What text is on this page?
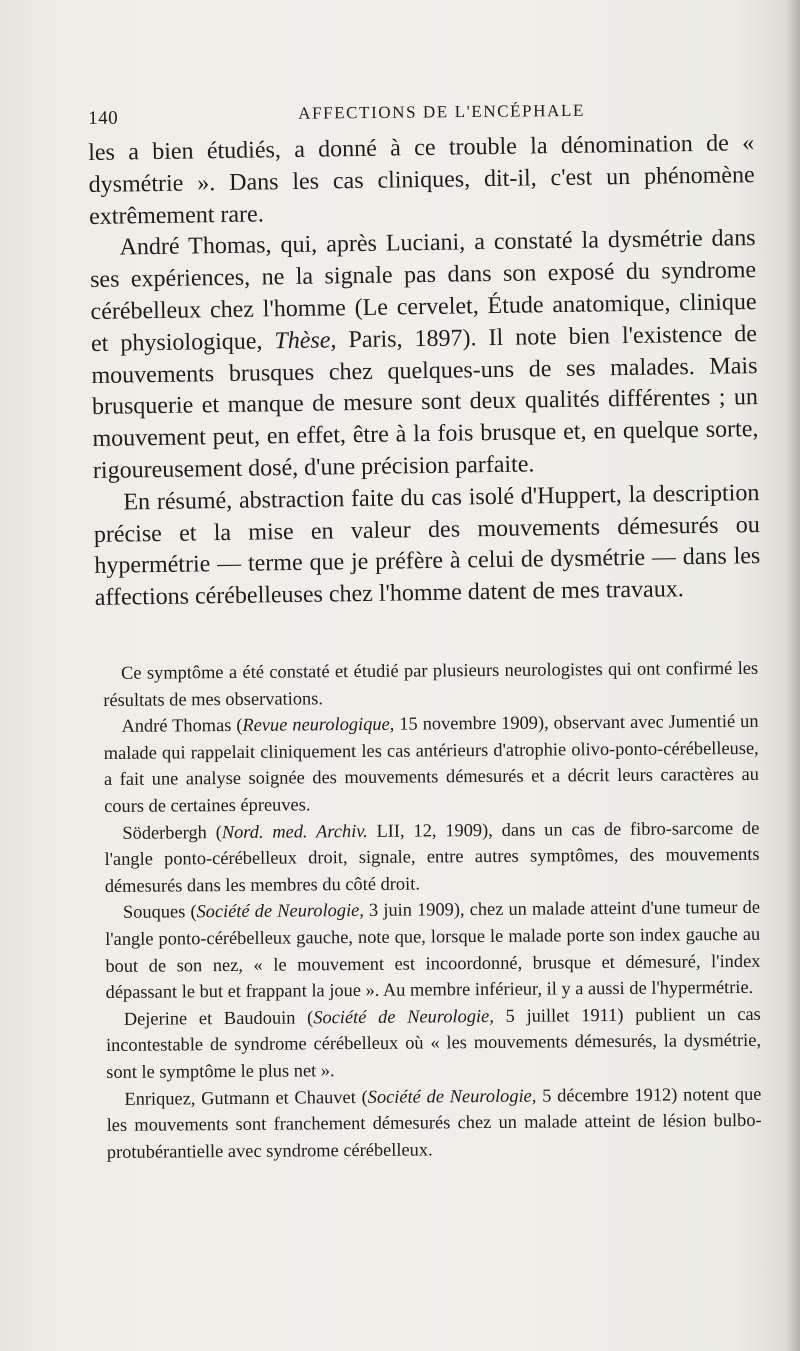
140	AFFECTIONS DE L'ENCÉPHALE

les a bien étudiés, a donné à ce trouble la dénomination de « dysmétrie ». Dans les cas cliniques, dit-il, c'est un phénomène extrêmement rare.

André Thomas, qui, après Luciani, a constaté la dysmétrie dans ses expériences, ne la signale pas dans son exposé du syndrome cérébelleux chez l'homme (Le cervelet, Étude anatomique, clinique et physiologique, Thèse, Paris, 1897). Il note bien l'existence de mouvements brusques chez quelques-uns de ses malades. Mais brusquerie et manque de mesure sont deux qualités différentes ; un mouvement peut, en effet, être à la fois brusque et, en quelque sorte, rigoureusement dosé, d'une précision parfaite.

En résumé, abstraction faite du cas isolé d'Huppert, la description précise et la mise en valeur des mouvements démesurés ou hypermétrie — terme que je préfère à celui de dysmétrie — dans les affections cérébelleuses chez l'homme datent de mes travaux.

Ce symptôme a été constaté et étudié par plusieurs neurologistes qui ont confirmé les résultats de mes observations.

André Thomas (Revue neurologique, 15 novembre 1909), observant avec Jumentié un malade qui rappelait cliniquement les cas antérieurs d'atrophie olivo-ponto-cérébelleuse, a fait une analyse soignée des mouvements démesurés et a décrit leurs caractères au cours de certaines épreuves.

Söderbergh (Nord. med. Archiv. LII, 12, 1909), dans un cas de fibro-sarcome de l'angle ponto-cérébelleux droit, signale, entre autres symptômes, des mouvements démesurés dans les membres du côté droit.

Souques (Société de Neurologie, 3 juin 1909), chez un malade atteint d'une tumeur de l'angle ponto-cérébelleux gauche, note que, lorsque le malade porte son index gauche au bout de son nez, « le mouvement est incoordonné, brusque et démesuré, l'index dépassant le but et frappant la joue ». Au membre inférieur, il y a aussi de l'hypermétrie.

Dejerine et Baudouin (Société de Neurologie, 5 juillet 1911) publient un cas incontestable de syndrome cérébelleux où « les mouvements démesurés, la dysmétrie, sont le symptôme le plus net ».

Enriquez, Gutmann et Chauvet (Société de Neurologie, 5 décembre 1912) notent que les mouvements sont franchement démesurés chez un malade atteint de lésion bulbo-protubérantielle avec syndrome cérébelleux.
